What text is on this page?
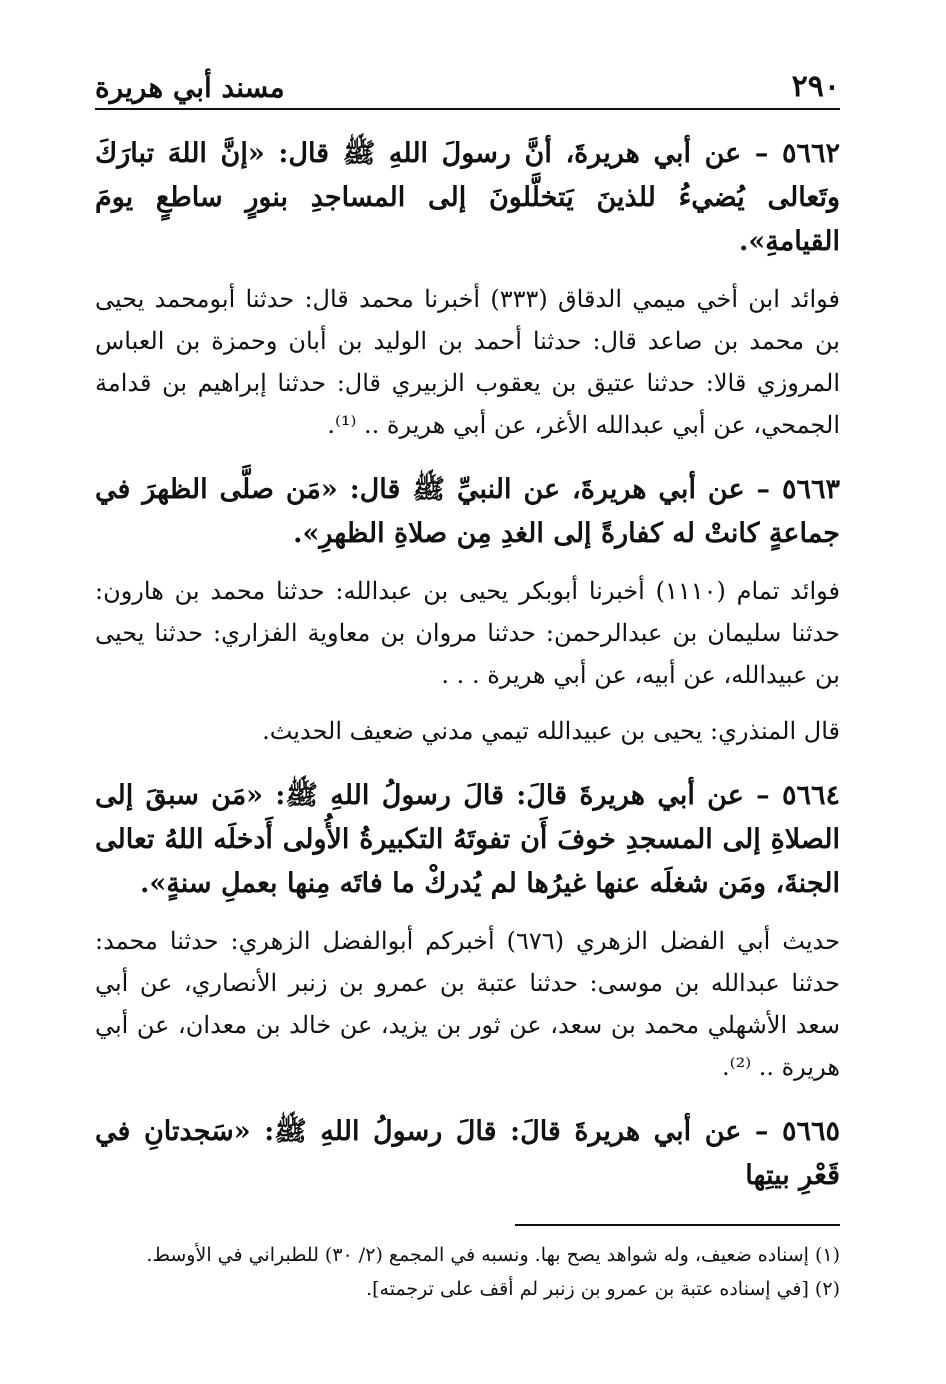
٢٩٠
مسند أبي هريرة

٥٦٦٢ – عن أبي هريرةَ، أنَّ رسولَ اللهِ ﷺ قال: «إنَّ اللهَ تبارَكَ وتَعالى يُضيءُ للذينَ يَتخلَّلونَ إلى المساجدِ بنورٍ ساطعٍ يومَ القيامةِ».

فوائد ابن أخي ميمي الدقاق (٣٣٣) أخبرنا محمد قال: حدثنا أبومحمد يحيى بن محمد بن صاعد قال: حدثنا أحمد بن الوليد بن أبان وحمزة بن العباس المروزي قالا: حدثنا عتيق بن يعقوب الزبيري قال: حدثنا إبراهيم بن قدامة الجمحي، عن أبي عبدالله الأغر، عن أبي هريرة .. ⁽¹⁾.

٥٦٦٣ – عن أبي هريرةَ، عن النبيِّ ﷺ قال: «مَن صلَّى الظهرَ في جماعةٍ كانتْ له كفارةً إلى الغدِ مِن صلاةِ الظهرِ».

فوائد تمام (١١١٠) أخبرنا أبوبكر يحيى بن عبدالله: حدثنا محمد بن هارون: حدثنا سليمان بن عبدالرحمن: حدثنا مروان بن معاوية الفزاري: حدثنا يحيى بن عبيدالله، عن أبيه، عن أبي هريرة . . .

قال المنذري: يحيى بن عبيدالله تيمي مدني ضعيف الحديث.

٥٦٦٤ – عن أبي هريرةَ قالَ: قالَ رسولُ اللهِ ﷺ: «مَن سبقَ إلى الصلاةِ إلى المسجدِ خوفَ أَن تفوتَهُ التكبيرةُ الأُولى أَدخلَه اللهُ تعالى الجنةَ، ومَن شغلَه عنها غيرُها لم يُدركْ ما فاتَه مِنها بعملِ سنةٍ».

حديث أبي الفضل الزهري (٦٧٦) أخبركم أبوالفضل الزهري: حدثنا محمد: حدثنا عبدالله بن موسى: حدثنا عتبة بن عمرو بن زنبر الأنصاري، عن أبي سعد الأشهلي محمد بن سعد، عن ثور بن يزيد، عن خالد بن معدان، عن أبي هريرة .. ⁽²⁾.

٥٦٦٥ – عن أبي هريرةَ قالَ: قالَ رسولُ اللهِ ﷺ: «سَجدتانِ في قَعْرِ بيتِها

(١) إسناده ضعيف، وله شواهد يصح بها. ونسبه في المجمع (٢/ ٣٠) للطبراني في الأوسط.

(٢) [في إسناده عتبة بن عمرو بن زنبر لم أقف على ترجمته].
